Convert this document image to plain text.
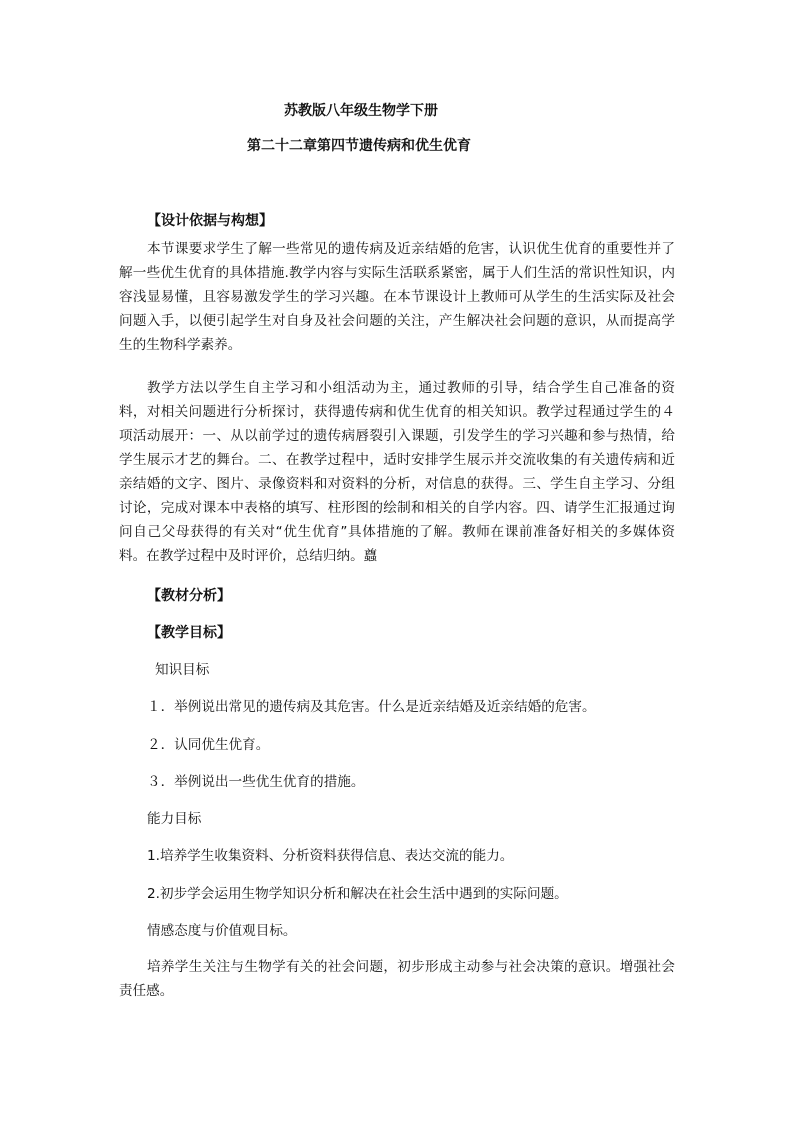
苏教版八年级生物学下册
第二十二章第四节遗传病和优生优育
【设计依据与构想】

本节课要求学生了解一些常见的遗传病及近亲结婚的危害，认识优生优育的重要性并了解一些优生优育的具体措施.教学内容与实际生活联系紧密，属于人们生活的常识性知识，内容浅显易懂，且容易激发学生的学习兴趣。在本节课设计上教师可从学生的生活实际及社会问题入手，以便引起学生对自身及社会问题的关注，产生解决社会问题的意识，从而提高学生的生物科学素养。

教学方法以学生自主学习和小组活动为主，通过教师的引导，结合学生自己准备的资料，对相关问题进行分析探讨，获得遗传病和优生优育的相关知识。教学过程通过学生的４项活动展开：一、从以前学过的遗传病唇裂引入课题，引发学生的学习兴趣和参与热情，给学生展示才艺的舞台。二、在教学过程中，适时安排学生展示并交流收集的有关遗传病和近亲结婚的文字、图片、录像资料和对资料的分析，对信息的获得。三、学生自主学习、分组讨论，完成对课本中表格的填写、柱形图的绘制和相关的自学内容。四、请学生汇报通过询问自己父母获得的有关对“优生优育”具体措施的了解。教师在课前准备好相关的多媒体资料。在教学过程中及时评价，总结归纳。蠤

【教材分析】
【教学目标】
知识目标
１．举例说出常见的遗传病及其危害。什么是近亲结婚及近亲结婚的危害。
２．认同优生优育。
３．举例说出一些优生优育的措施。
能力目标
1.培养学生收集资料、分析资料获得信息、表达交流的能力。
2.初步学会运用生物学知识分析和解决在社会生活中遇到的实际问题。
情感态度与价值观目标。

培养学生关注与生物学有关的社会问题，初步形成主动参与社会决策的意识。增强社会责任感。
